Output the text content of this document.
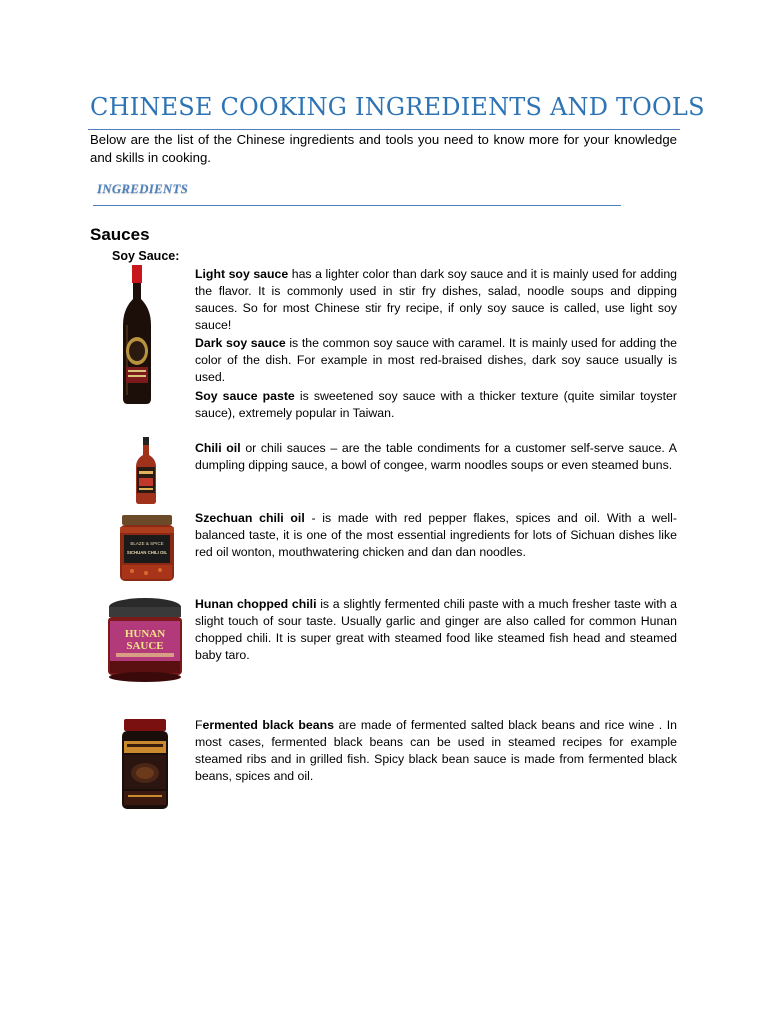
CHINESE COOKING INGREDIENTS AND TOOLS
Below are the list of the Chinese ingredients and tools you need to know more for your knowledge and skills in cooking.
INGREDIENTS
Sauces
Soy Sauce:
Light soy sauce has a lighter color than dark soy sauce and it is mainly used for adding the flavor. It is commonly used in stir fry dishes, salad, noodle soups and dipping sauces. So for most Chinese stir fry recipe, if only soy sauce is called, use light soy sauce!
Dark soy sauce is the common soy sauce with caramel. It is mainly used for adding the color of the dish. For example in most red-braised dishes, dark soy sauce usually is used.
Soy sauce paste is sweetened soy sauce with a thicker texture (quite similar toyster sauce), extremely popular in Taiwan.
Chili oil or chili sauces – are the table condiments for a customer self-serve sauce. A dumpling dipping sauce, a bowl of congee, warm noodles soups or even steamed buns.
Szechuan chili oil - is made with red pepper flakes, spices and oil. With a well- balanced taste, it is one of the most essential ingredients for lots of Sichuan dishes like red oil wonton, mouthwatering chicken and dan dan noodles.
Hunan chopped chili is a slightly fermented chili paste with a much fresher taste with a slight touch of sour taste. Usually garlic and ginger are also called for common Hunan chopped chili. It is super great with steamed food like steamed fish head and steamed baby taro.
Fermented black beans are made of fermented salted black beans and rice wine . In most cases, fermented black beans can be used in steamed recipes for example steamed ribs and in grilled fish. Spicy black bean sauce is made from fermented black beans, spices and oil.
BLAZE & SPICE
SICHUAN CHILI OIL
HUNAN
SAUCE
